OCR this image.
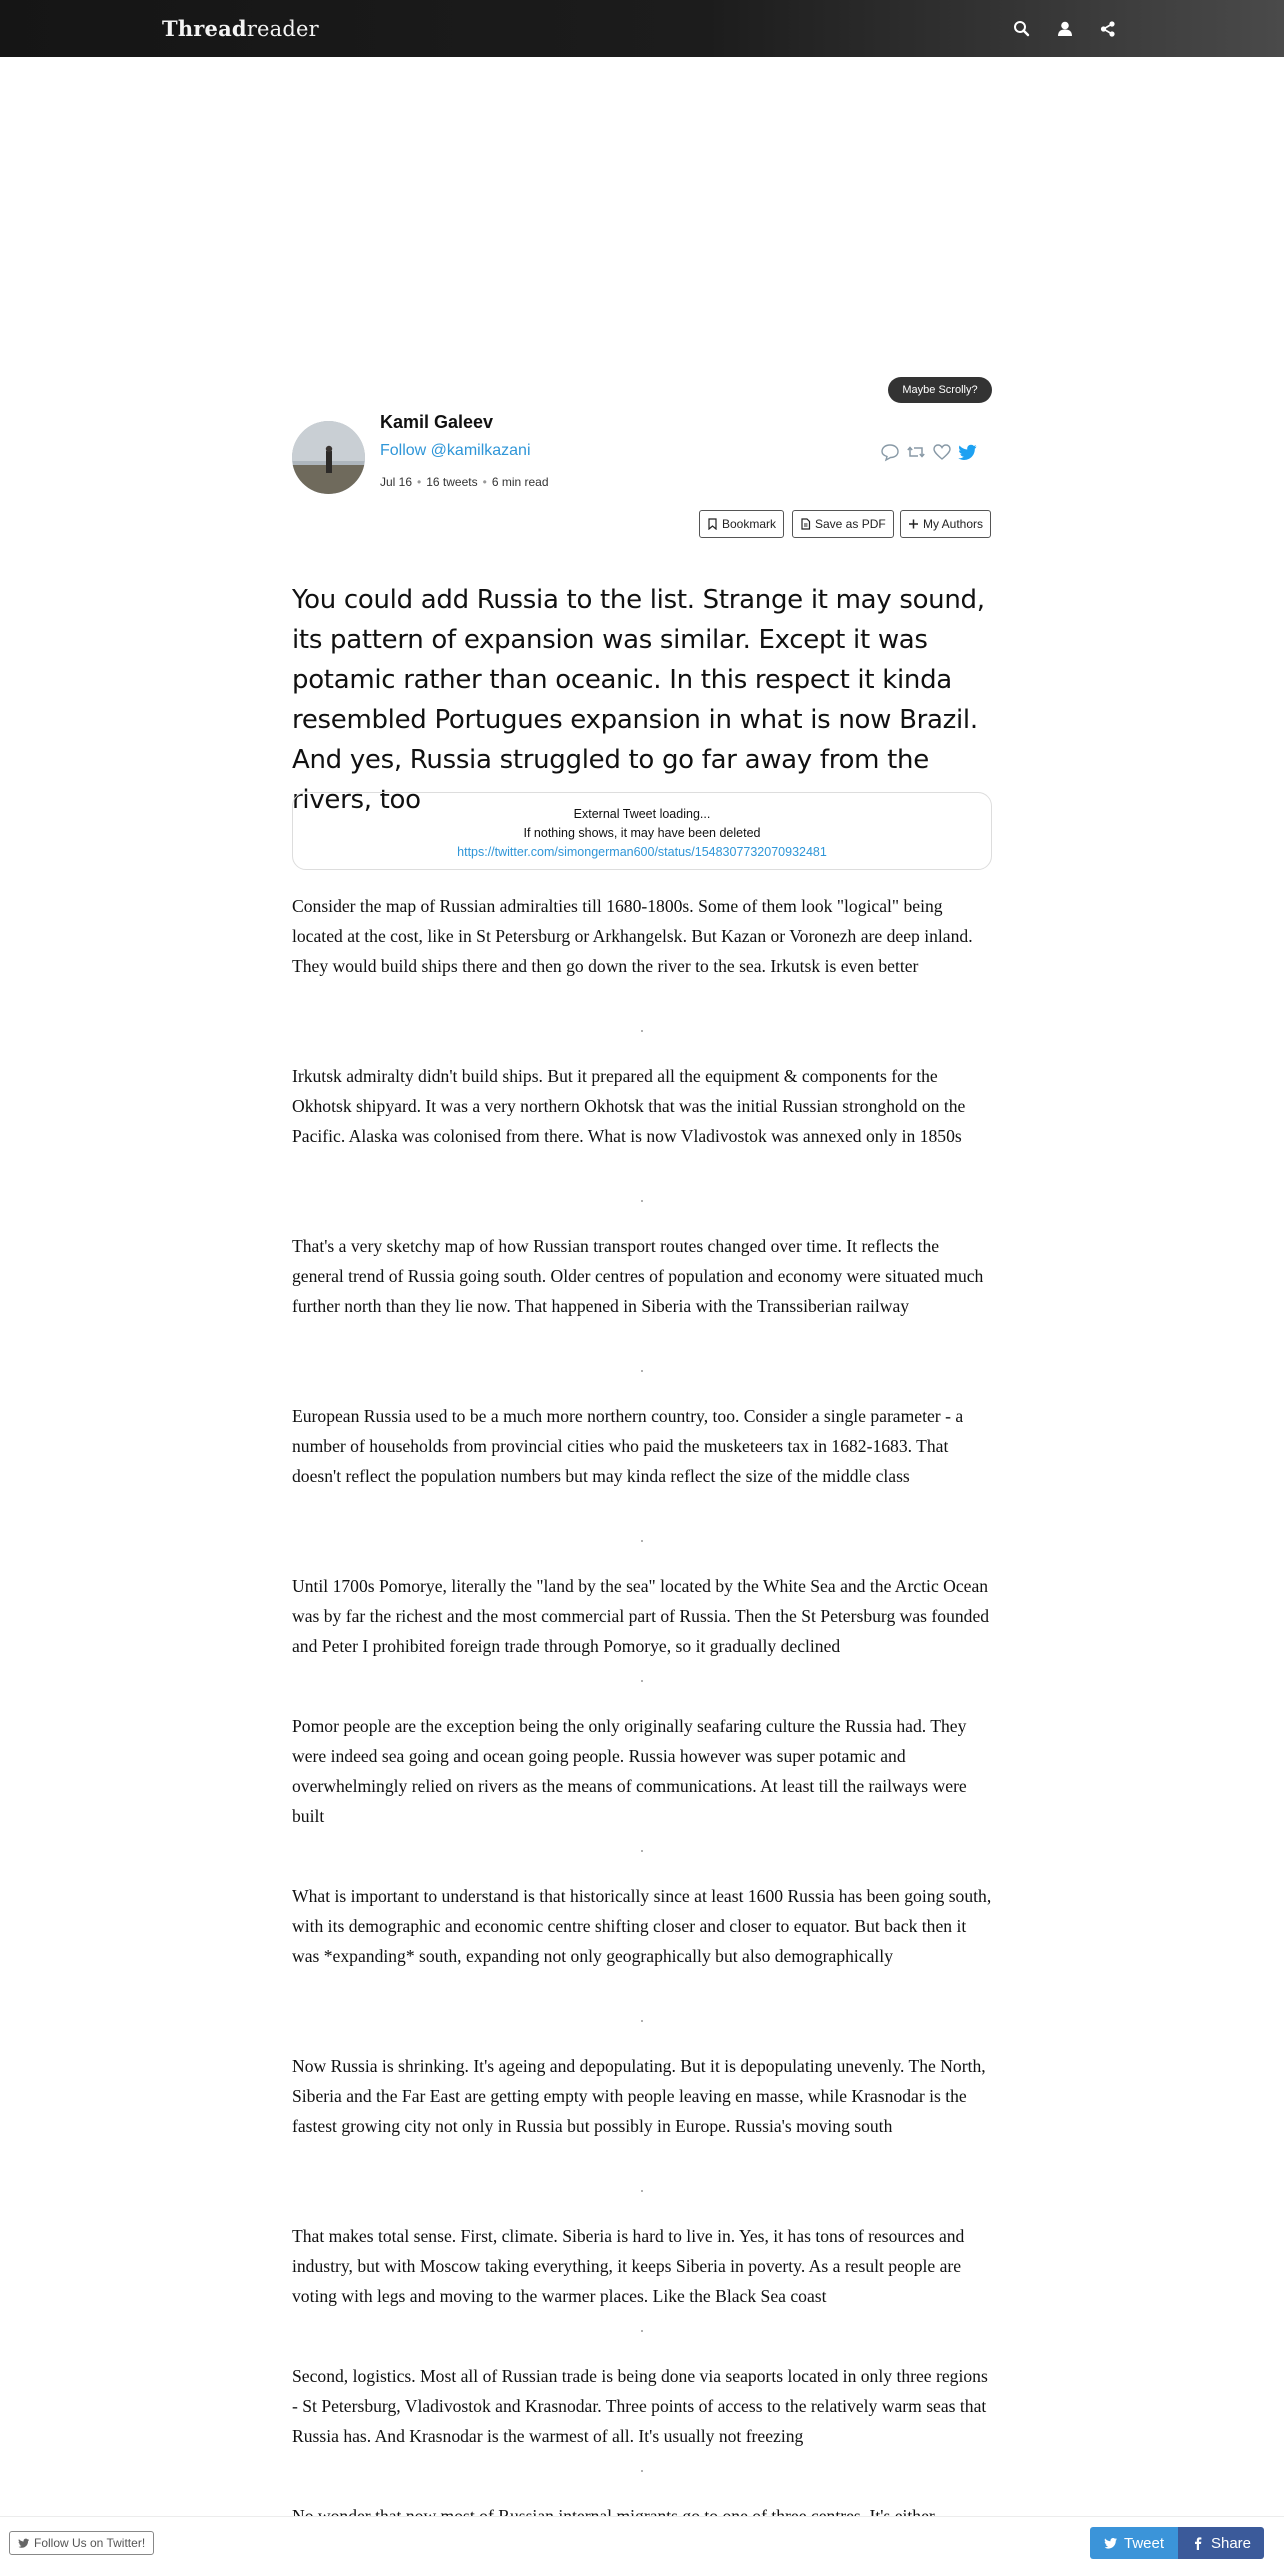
Threadreader
Maybe Scrolly?
Kamil Galeev
Follow @kamilkazani
Jul 16 • 16 tweets • 6 min read
Bookmark	Save as PDF	My Authors
You could add Russia to the list. Strange it may sound, its pattern of expansion was similar. Except it was potamic rather than oceanic. In this respect it kinda resembled Portugues expansion in what is now Brazil. And yes, Russia struggled to go far away from the rivers, too	External Tweet loading...
If nothing shows, it may have been deleted
https://twitter.com/simongerman600/status/1548307732070932481
Consider the map of Russian admiralties till 1680-1800s. Some of them look "logical" being located at the cost, like in St Petersburg or Arkhangelsk. But Kazan or Voronezh are deep inland. They would build ships there and then go down the river to the sea. Irkutsk is even better
Irkutsk admiralty didn't build ships. But it prepared all the equipment & components for the Okhotsk shipyard. It was a very northern Okhotsk that was the initial Russian stronghold on the Pacific. Alaska was colonised from there. What is now Vladivostok was annexed only in 1850s
That's a very sketchy map of how Russian transport routes changed over time. It reflects the general trend of Russia going south. Older centres of population and economy were situated much further north than they lie now. That happened in Siberia with the Transsiberian railway
European Russia used to be a much more northern country, too. Consider a single parameter - a number of households from provincial cities who paid the musketeers tax in 1682-1683. That doesn't reflect the population numbers but may kinda reflect the size of the middle class
Until 1700s Pomorye, literally the "land by the sea" located by the White Sea and the Arctic Ocean was by far the richest and the most commercial part of Russia. Then the St Petersburg was founded and Peter I prohibited foreign trade through Pomorye, so it gradually declined
Pomor people are the exception being the only originally seafaring culture the Russia had. They were indeed sea going and ocean going people. Russia however was super potamic and overwhelmingly relied on rivers as the means of communications. At least till the railways were built
What is important to understand is that historically since at least 1600 Russia has been going south, with its demographic and economic centre shifting closer and closer to equator. But back then it was *expanding* south, expanding not only geographically but also demographically
Now Russia is shrinking. It's ageing and depopulating. But it is depopulating unevenly. The North, Siberia and the Far East are getting empty with people leaving en masse, while Krasnodar is the fastest growing city not only in Russia but possibly in Europe. Russia's moving south
That makes total sense. First, climate. Siberia is hard to live in. Yes, it has tons of resources and industry, but with Moscow taking everything, it keeps Siberia in poverty. As a result people are voting with legs and moving to the warmer places. Like the Black Sea coast
Second, logistics. Most all of Russian trade is being done via seaports located in only three regions - St Petersburg, Vladivostok and Krasnodar. Three points of access to the relatively warm seas that Russia has. And Krasnodar is the warmest of all. It's usually not freezing
Follow Us on Twitter!	Tweet	Share
